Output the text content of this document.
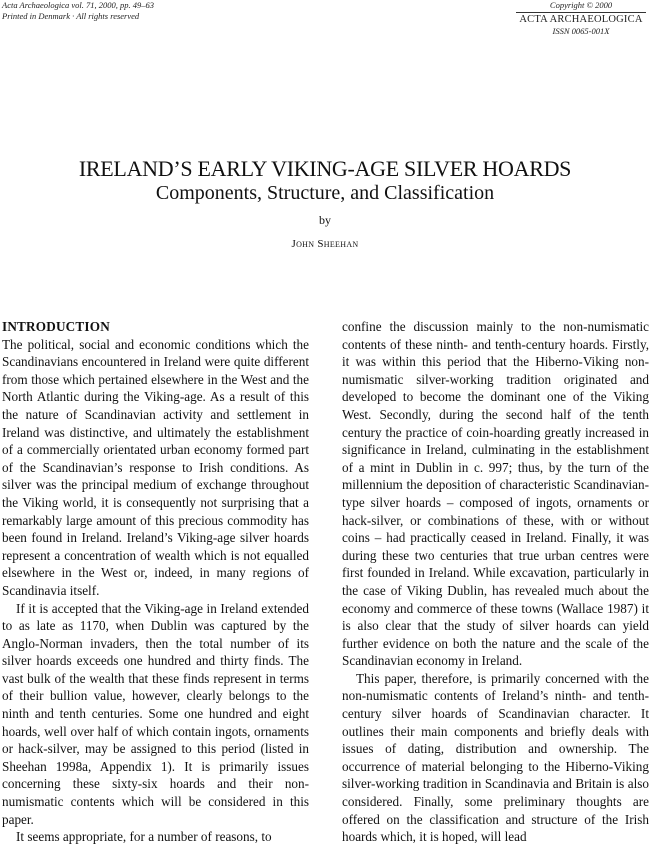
Acta Archaeologica vol. 71, 2000, pp. 49–63
Printed in Denmark · All rights reserved
Copyright © 2000
ACTA ARCHAEOLOGICA
ISSN 0065-001X
IRELAND’S EARLY VIKING-AGE SILVER HOARDS
Components, Structure, and Classification
by
John Sheehan
INTRODUCTION

The political, social and economic conditions which the Scandinavians encountered in Ireland were quite different from those which pertained elsewhere in the West and the North Atlantic during the Viking-age. As a result of this the nature of Scandinavian activity and settlement in Ireland was distinctive, and ultimately the establishment of a commercially orientated urban economy formed part of the Scandinavian’s response to Irish conditions. As silver was the principal medium of exchange throughout the Viking world, it is consequently not surprising that a remarkably large amount of this precious commodity has been found in Ireland. Ireland’s Viking-age silver hoards represent a concentration of wealth which is not equalled elsewhere in the West or, indeed, in many regions of Scandinavia itself.

If it is accepted that the Viking-age in Ireland extended to as late as 1170, when Dublin was captured by the Anglo-Norman invaders, then the total number of its silver hoards exceeds one hundred and thirty finds. The vast bulk of the wealth that these finds represent in terms of their bullion value, however, clearly belongs to the ninth and tenth centuries. Some one hundred and eight hoards, well over half of which contain ingots, ornaments or hack-silver, may be assigned to this period (listed in Sheehan 1998a, Appendix 1). It is primarily issues concerning these sixty-six hoards and their non-numismatic contents which will be considered in this paper.

It seems appropriate, for a number of reasons, to

confine the discussion mainly to the non-numismatic contents of these ninth- and tenth-century hoards. Firstly, it was within this period that the Hiberno-Viking non-numismatic silver-working tradition originated and developed to become the dominant one of the Viking West. Secondly, during the second half of the tenth century the practice of coin-hoarding greatly increased in significance in Ireland, culminating in the establishment of a mint in Dublin in c. 997; thus, by the turn of the millennium the deposition of characteristic Scandinavian-type silver hoards – composed of ingots, ornaments or hack-silver, or combinations of these, with or without coins – had practically ceased in Ireland. Finally, it was during these two centuries that true urban centres were first founded in Ireland. While excavation, particularly in the case of Viking Dublin, has revealed much about the economy and commerce of these towns (Wallace 1987) it is also clear that the study of silver hoards can yield further evidence on both the nature and the scale of the Scandinavian economy in Ireland.

This paper, therefore, is primarily concerned with the non-numismatic contents of Ireland’s ninth- and tenth-century silver hoards of Scandinavian character. It outlines their main components and briefly deals with issues of dating, distribution and ownership. The occurrence of material belonging to the Hiberno-Viking silver-working tradition in Scandinavia and Britain is also considered. Finally, some preliminary thoughts are offered on the classification and structure of the Irish hoards which, it is hoped, will lead
